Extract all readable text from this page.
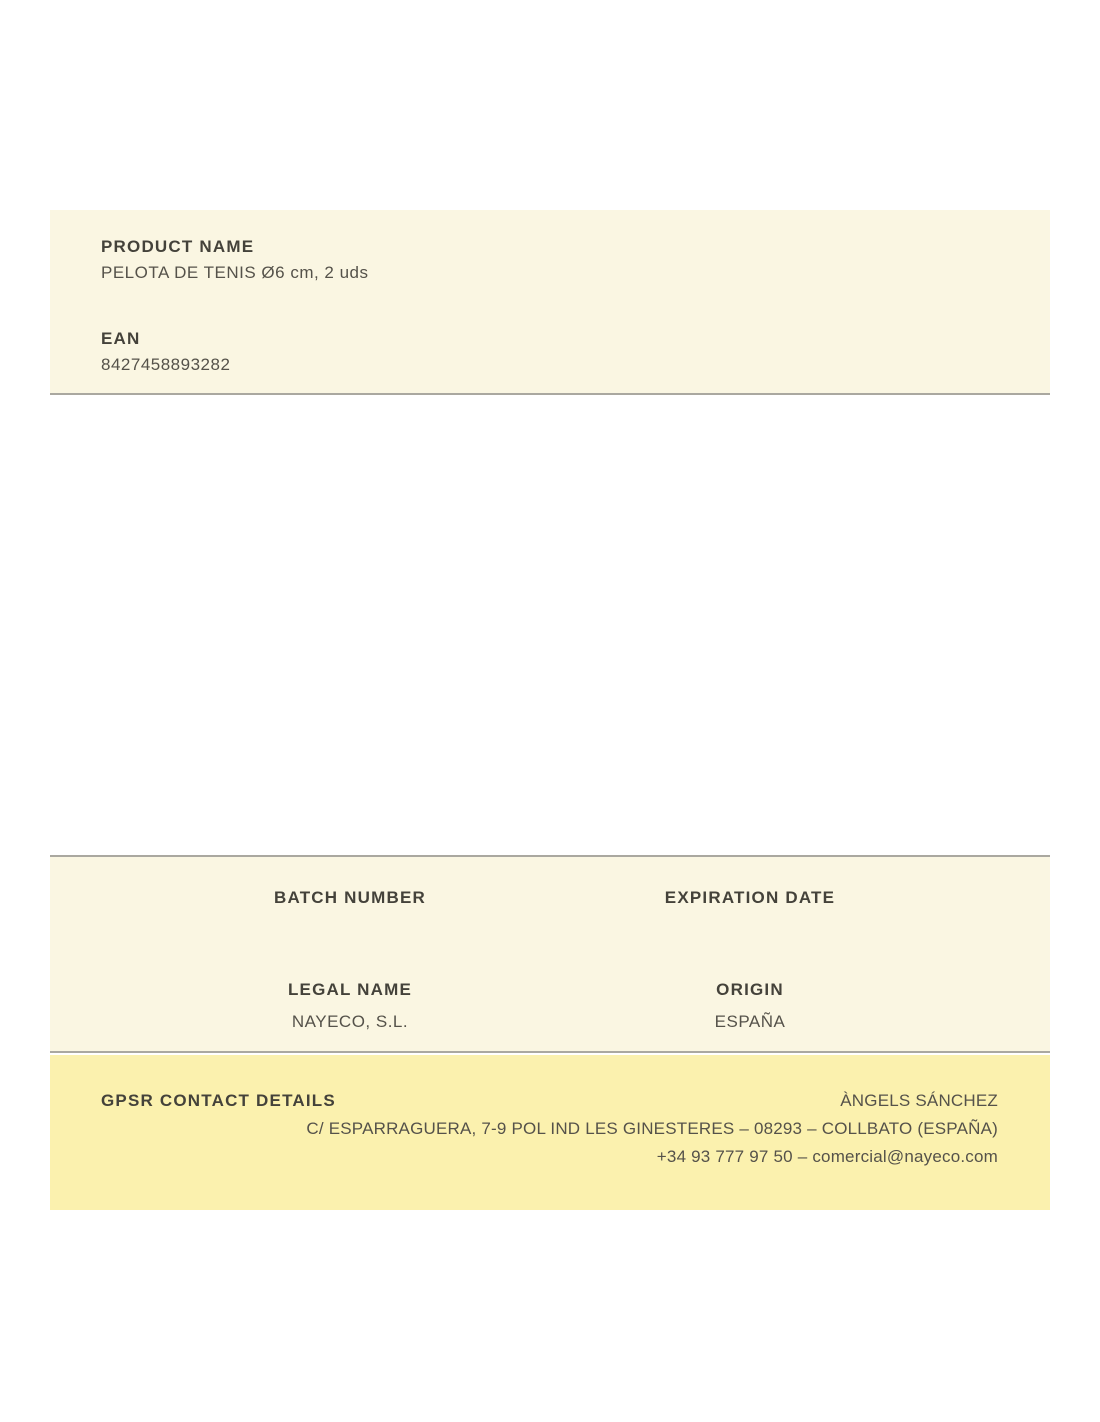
PRODUCT NAME
PELOTA DE TENIS Ø6 cm, 2 uds
EAN
8427458893282
BATCH NUMBER	EXPIRATION DATE
LEGAL NAME
NAYECO, S.L.
ORIGIN
ESPAÑA
GPSR CONTACT DETAILS	ÀNGELS SÁNCHEZ
C/ ESPARRAGUERA, 7-9 POL IND LES GINESTERES – 08293 – COLLBATO (ESPAÑA)
+34 93 777 97 50 – comercial@nayeco.com
